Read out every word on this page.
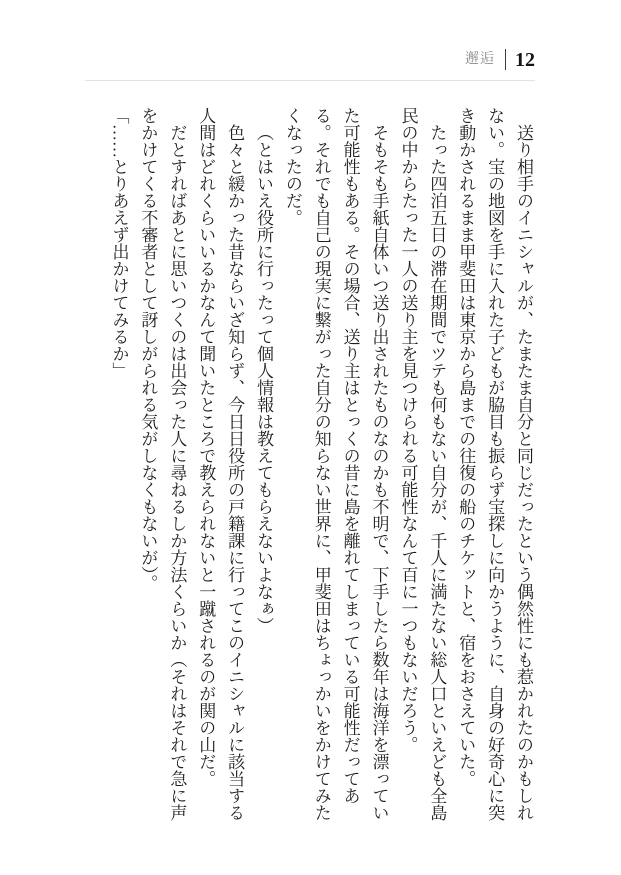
邂逅 12

送り相手のイニシャルが、たまたま自分と同じだったという偶然性にも惹かれたのかもしれない。宝の地図を手に入れた子どもが脇目も振らず宝探しに向かうように、自身の好奇心に突き動かされるまま甲斐田は東京から島までの往復の船のチケットと、宿をおさえていた。

たった四泊五日の滞在期間でツテも何もない自分が、千人に満たない総人口といえども全島民の中からたった一人の送り主を見つけられる可能性なんて百に一つもないだろう。

そもそも手紙自体いつ送り出されたものなのかも不明で、下手したら数年は海洋を漂っていた可能性もある。その場合、送り主はとっくの昔に島を離れてしまっている可能性だってある。それでも自己の現実に繋がった自分の知らない世界に、甲斐田はちょっかいをかけてみたくなったのだ。

（とはいえ役所に行ったって個人情報は教えてもらえないよなぁ）

色々と緩かった昔ならいざ知らず、今日日役所の戸籍課に行ってこのイニシャルに該当する人間はどれくらいいるかなんて聞いたところで教えられないと一蹴されるのが関の山だ。

だとすればあとに思いつくのは出会った人に尋ねるしか方法くらいか（それはそれで急に声をかけてくる不審者として訝しがられる気がしなくもないが）。

「……とりあえず出かけてみるか」
